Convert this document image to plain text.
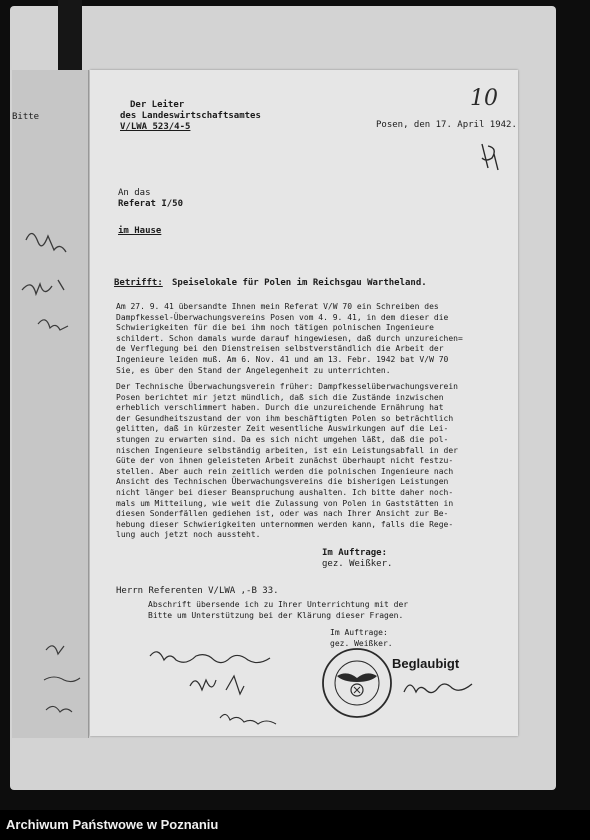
Bitte
Der Leiter
des Landeswirtschaftsamtes
V/LWA 523/4-5	Posen, den 17. April 1942.
10
An das
Referat I/50
im Hause
Betrifft: Speiselokale für Polen im Reichsgau Wartheland.
Am 27. 9. 41 übersandte Ihnen mein Referat V/W 70 ein Schreiben des
Dampfkessel-Überwachungsvereins Posen vom 4. 9. 41, in dem dieser die
Schwierigkeiten für die bei ihm noch tätigen polnischen Ingenieure
schildert. Schon damals wurde darauf hingewiesen, daß durch unzureichen=
de Verflegung bei den Dienstreisen selbstverständlich die Arbeit der
Ingenieure leiden muß. Am 6. Nov. 41 und am 13. Febr. 1942 bat V/W 70
Sie, es über den Stand der Angelegenheit zu unterrichten.
Der Technische Überwachungsverein früher: Dampfkesselüberwachungsverein
Posen berichtet mir jetzt mündlich, daß sich die Zustände inzwischen
erheblich verschlimmert haben. Durch die unzureichende Ernährung hat
der Gesundheitszustand der von ihm beschäftigten Polen so beträchtlich
gelitten, daß in kürzester Zeit wesentliche Auswirkungen auf die Lei-
stungen zu erwarten sind. Da es sich nicht umgehen läßt, daß die pol-
nischen Ingenieure selbständig arbeiten, ist ein Leistungsabfall in der
Güte der von ihnen geleisteten Arbeit zunächst überhaupt nicht festzu-
stellen. Aber auch rein zeitlich werden die polnischen Ingenieure nach
Ansicht des Technischen Überwachungsvereins die bisherigen Leistungen
nicht länger bei dieser Beanspruchung aushalten. Ich bitte daher noch-
mals um Mitteilung, wie weit die Zulassung von Polen in Gaststätten in
diesen Sonderfällen gediehen ist, oder was nach Ihrer Ansicht zur Be-
hebung dieser Schwierigkeiten unternommen werden kann, falls die Rege-
lung auch jetzt noch aussteht.
Im Auftrage:
gez. Weißker.
Herrn Referenten V/LWA ,-B 33.
Abschrift übersende ich zu Ihrer Unterrichtung mit der
Bitte um Unterstützung bei der Klärung dieser Fragen.
Im Auftrage:
gez. Weißker.
Beglaubigt
Archiwum Państwowe w Poznaniu
